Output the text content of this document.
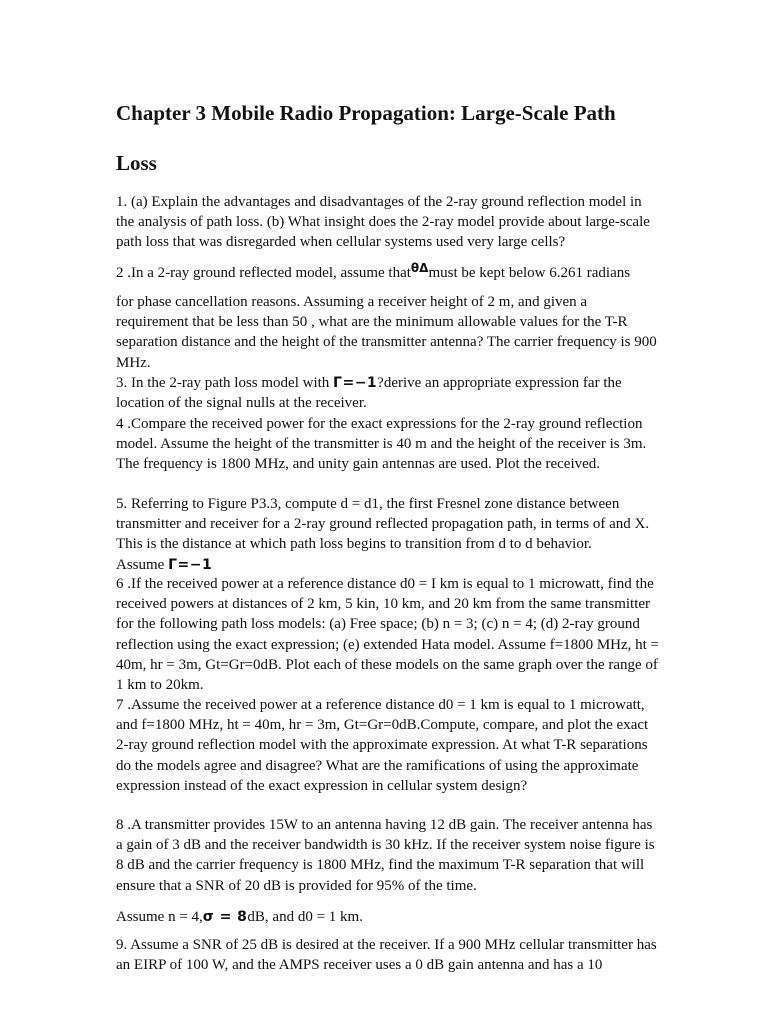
Chapter 3 Mobile Radio Propagation: Large-Scale Path
Loss

1. (a) Explain the advantages and disadvantages of the 2-ray ground reflection model in the analysis of path loss. (b) What insight does the 2-ray model provide about large-scale path loss that was disregarded when cellular systems used very large cells?

2 .In a 2-ray ground reflected model, assume thatθΔmust be kept below 6.261 radians

for phase cancellation reasons. Assuming a receiver height of 2 m, and given a requirement that be less than 50 , what are the minimum allowable values for the T-R separation distance and the height of the transmitter antenna? The carrier frequency is 900 MHz.

3. In the 2-ray path loss model with Γ=−1?derive an appropriate expression far the location of the signal nulls at the receiver.

4 .Compare the received power for the exact expressions for the 2-ray ground reflection model. Assume the height of the transmitter is 40 m and the height of the receiver is 3m. The frequency is 1800 MHz, and unity gain antennas are used. Plot the received.

5. Referring to Figure P3.3, compute d = d1, the first Fresnel zone distance between transmitter and receiver for a 2-ray ground reflected propagation path, in terms of and X. This is the distance at which path loss begins to transition from d to d behavior.
Assume Γ=−1

6 .If the received power at a reference distance d0 = I km is equal to 1 microwatt, find the received powers at distances of 2 km, 5 kin, 10 km, and 20 km from the same transmitter for the following path loss models: (a) Free space; (b) n = 3; (c) n = 4; (d) 2-ray ground reflection using the exact expression; (e) extended Hata model. Assume f=1800 MHz, ht = 40m, hr = 3m, Gt=Gr=0dB. Plot each of these models on the same graph over the range of 1 km to 20km.

7 .Assume the received power at a reference distance d0 = 1 km is equal to 1 microwatt, and f=1800 MHz, ht = 40m, hr = 3m, Gt=Gr=0dB.Compute, compare, and plot the exact 2-ray ground reflection model with the approximate expression. At what T-R separations do the models agree and disagree? What are the ramifications of using the approximate expression instead of the exact expression in cellular system design?

8 .A transmitter provides 15W to an antenna having 12 dB gain. The receiver antenna has a gain of 3 dB and the receiver bandwidth is 30 kHz. If the receiver system noise figure is 8 dB and the carrier frequency is 1800 MHz, find the maximum T-R separation that will ensure that a SNR of 20 dB is provided for 95% of the time.

Assume n = 4,σ = 8dB, and d0 = 1 km.

9. Assume a SNR of 25 dB is desired at the receiver. If a 900 MHz cellular transmitter has an EIRP of 100 W, and the AMPS receiver uses a 0 dB gain antenna and has a 10
